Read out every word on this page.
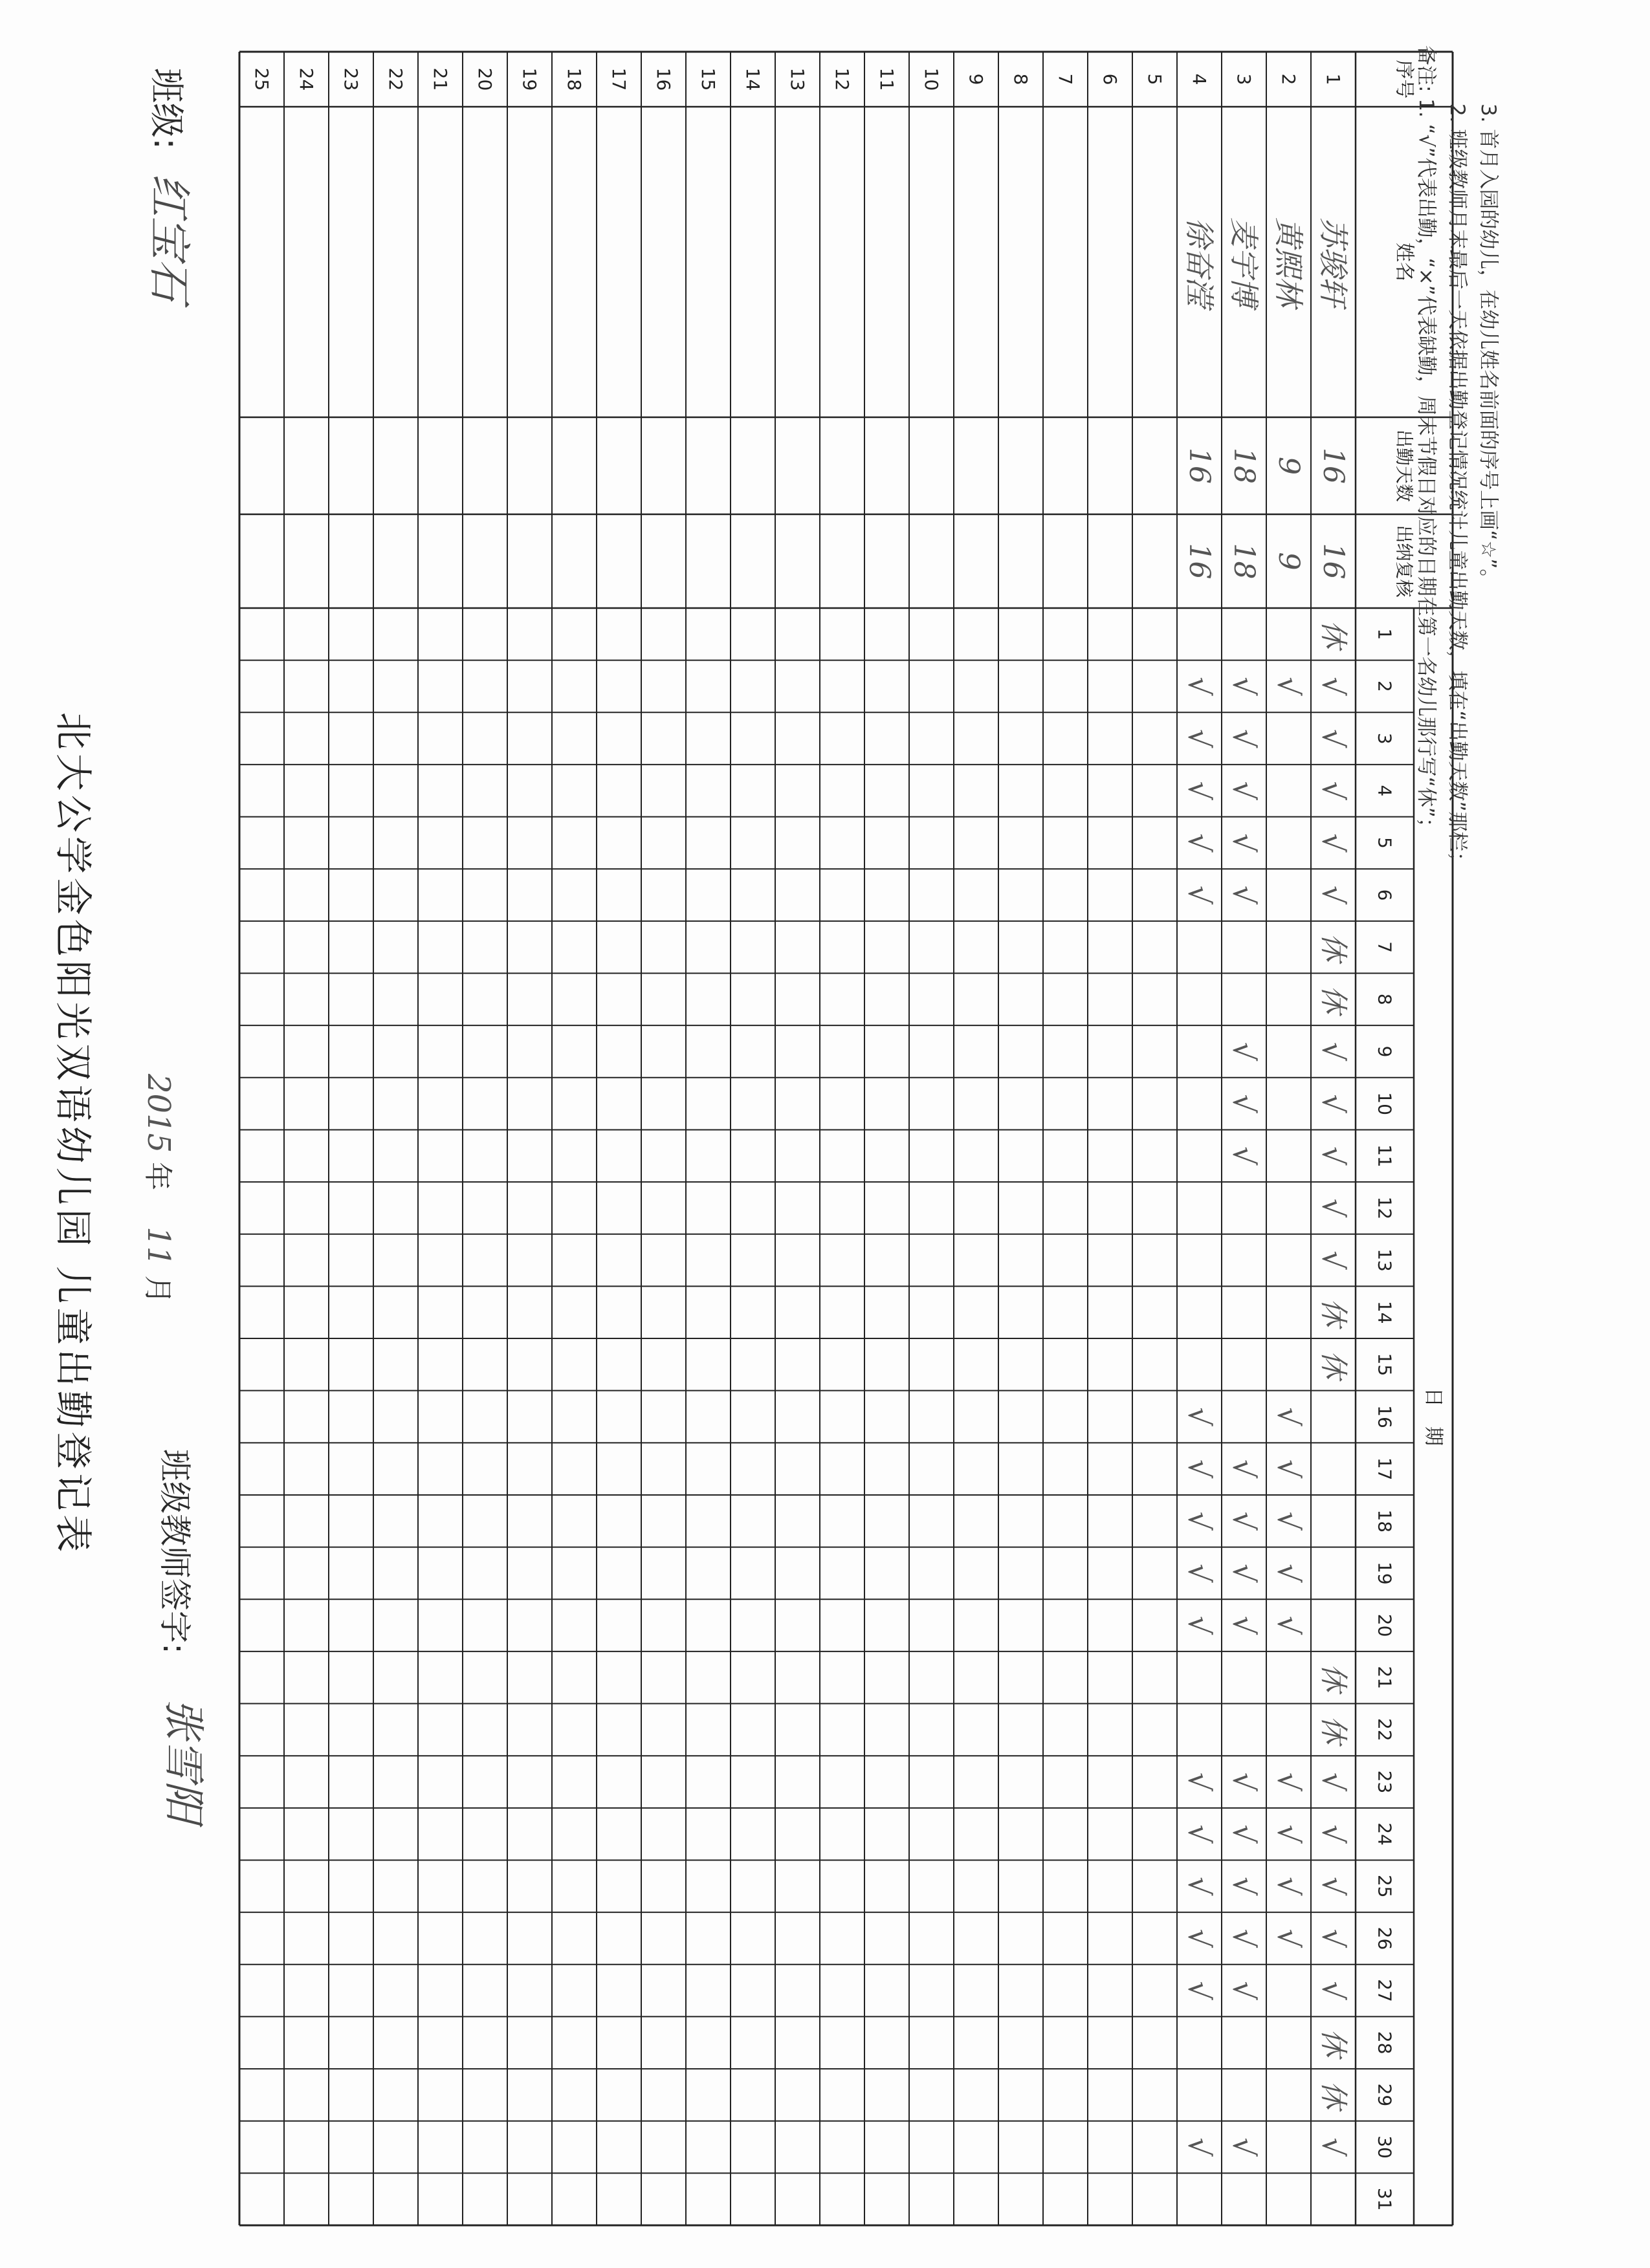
北大公学金色阳光双语幼儿园 儿童出勤登记表 2015 年    11 月
班级: 红宝石
班级教师签字:
张雪阳
序号
姓名
出勤天数
出纳复核
日　期
1
2
3
4
5
6
7
8
9
10
11
12
13
14
15
16
17
18
19
20
21
22
23
24
25
26
27
28
29
30
31
1
苏骏轩
16
16
休
√
√
√
√
√
休
休
√
√
√
√
√
休
休
休
休
√
√
√
√
√
休
休
√
2
黄熙林
9
9
√
√
√
√
√
√
√
√
√
√
3
麦宇博
18
18
√
√
√
√
√
√
√
√
√
√
√
√
√
√
√
√
√
√
4
徐奋滢
16
16
√
√
√
√
√
√
√
√
√
√
√
√
√
√
√
√
5
6
7
8
9
10
11
12
13
14
15
16
17
18
19
20
21
22
23
24
25	备注: 1. “√”代表出勤，“×”代表缺勤，周末节假日对应的日期在第一名幼儿那行写“休”； 2. 班级教师月末最后一天依据出勤登记情况统计儿童出勤天数，填在“出勤天数”那栏； 3. 首月入园的幼儿，在幼儿姓名前面的序号上画“☆”。
